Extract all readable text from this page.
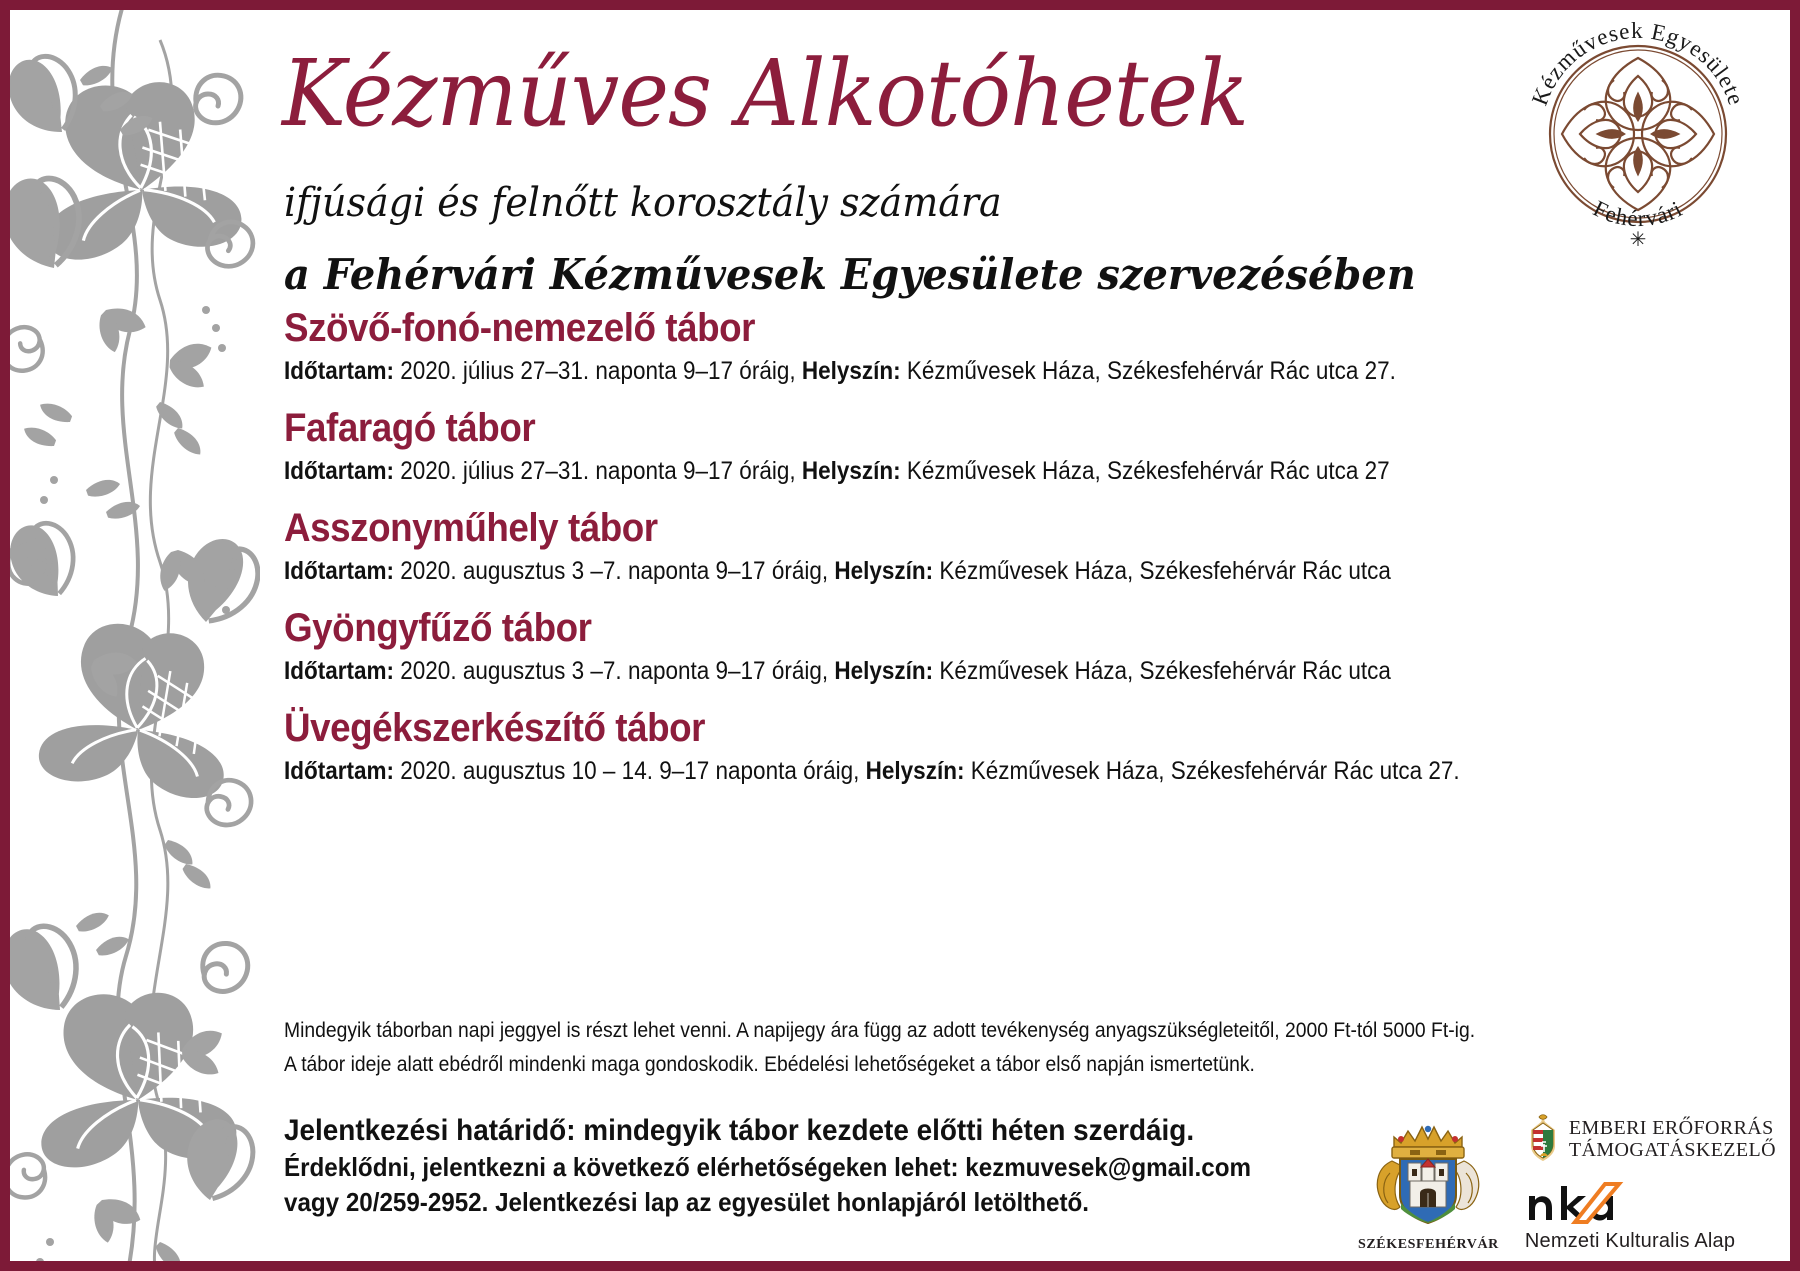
Kézműves Alkotóhetek
ifjúsági és felnőtt korosztály számára
a Fehérvári Kézművesek Egyesülete szervezésében
Kézművesek Egyesülete
Fehérvári
✳
Szövő-fonó-nemezelő tábor
Időtartam: 2020. július 27–31. naponta 9–17 óráig, Helyszín: Kézművesek Háza, Székesfehérvár Rác utca 27.
Fafaragó tábor
Időtartam: 2020. július 27–31. naponta 9–17 óráig, Helyszín: Kézművesek Háza, Székesfehérvár Rác utca 27
Asszonyműhely tábor
Időtartam: 2020. augusztus 3 –7. naponta 9–17 óráig, Helyszín: Kézművesek Háza, Székesfehérvár Rác utca
Gyöngyfűző tábor
Időtartam: 2020. augusztus 3 –7. naponta 9–17 óráig, Helyszín: Kézművesek Háza, Székesfehérvár Rác utca
Üvegékszerkészítő tábor
Időtartam: 2020. augusztus 10 – 14. 9–17 naponta óráig, Helyszín: Kézművesek Háza, Székesfehérvár Rác utca 27.
Mindegyik táborban napi jeggyel is részt lehet venni. A napijegy ára függ az adott tevékenység anyagszükségleteitől, 2000 Ft-tól 5000 Ft-ig.
A tábor ideje alatt ebédről mindenki maga gondoskodik. Ebédelési lehetőségeket a tábor első napján ismertetünk.
Jelentkezési határidő: mindegyik tábor kezdete előtti héten szerdáig.
Érdeklődni, jelentkezni a következő elérhetőségeken lehet: kezmuvesek@gmail.com
vagy 20/259-2952. Jelentkezési lap az egyesület honlapjáról letölthető.
SZÉKESFEHÉRVÁR
EMBERI ERŐFORRÁS
TÁMOGATÁSKEZELŐ
Nemzeti Kulturalis Alap
